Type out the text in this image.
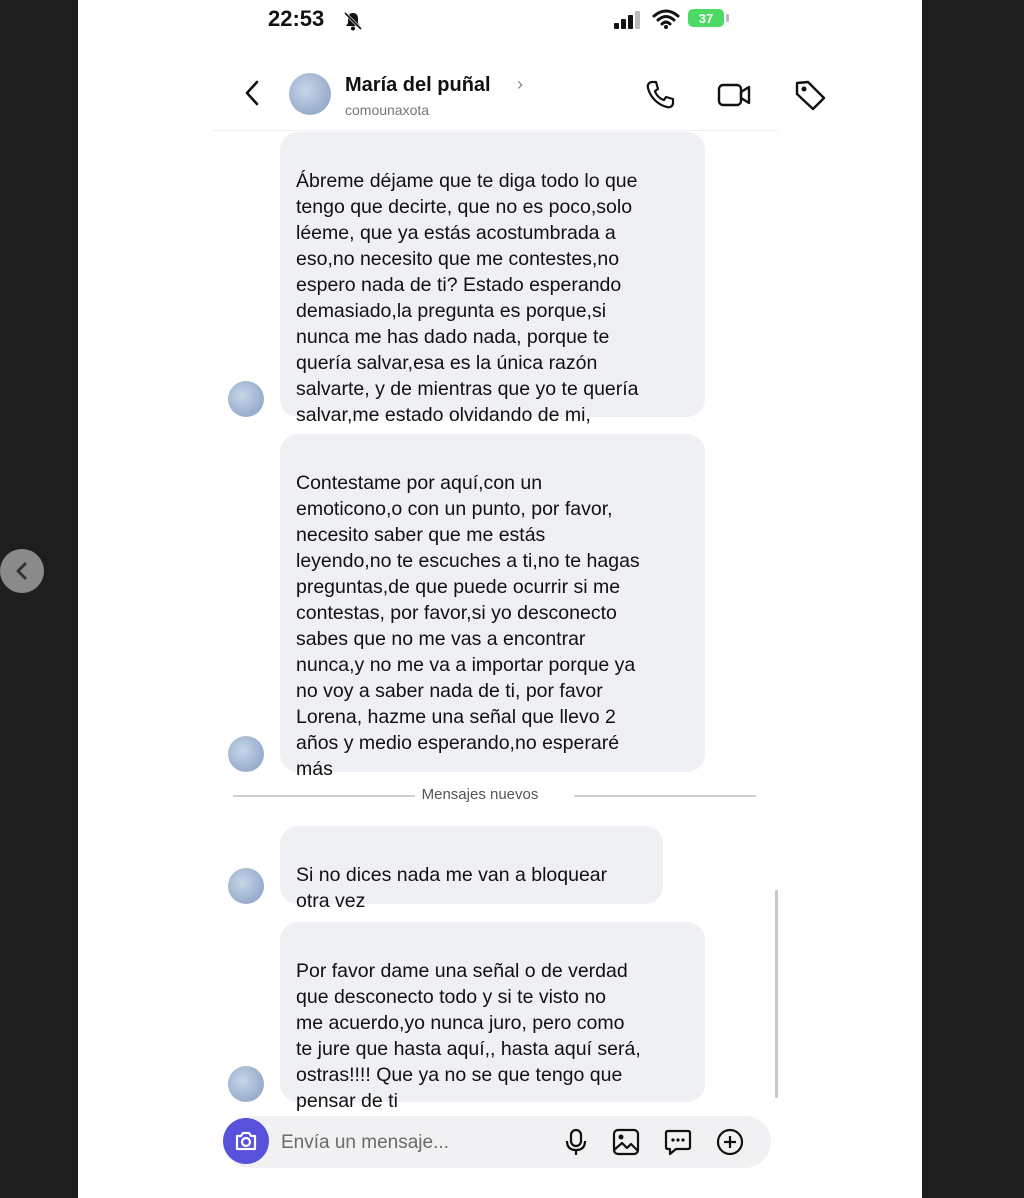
22:53	37
María del puñal ›
comounaxota

Ábreme déjame que te diga todo lo que
tengo que decirte, que no es poco,solo
léeme, que ya estás acostumbrada a
eso,no necesito que me contestes,no
espero nada de ti? Estado esperando
demasiado,la pregunta es porque,si
nunca me has dado nada, porque te
quería salvar,esa es la única razón
salvarte, y de mientras que yo te quería
salvar,me estado olvidando de mi,

Contestame por aquí,con un
emoticono,o con un punto, por favor,
necesito saber que me estás
leyendo,no te escuches a ti,no te hagas
preguntas,de que puede ocurrir si me
contestas, por favor,si yo desconecto
sabes que no me vas a encontrar
nunca,y no me va a importar porque ya
no voy a saber nada de ti, por favor
Lorena, hazme una señal que llevo 2
años y medio esperando,no esperaré
más

Si no dices nada me van a bloquear
otra vez

Por favor dame una señal o de verdad
que desconecto todo y si te visto no
me acuerdo,yo nunca juro, pero como
te jure que hasta aquí,, hasta aquí será,
ostras!!!! Que ya no se que tengo que
pensar de ti

Mensajes nuevos
Envía un mensaje...
